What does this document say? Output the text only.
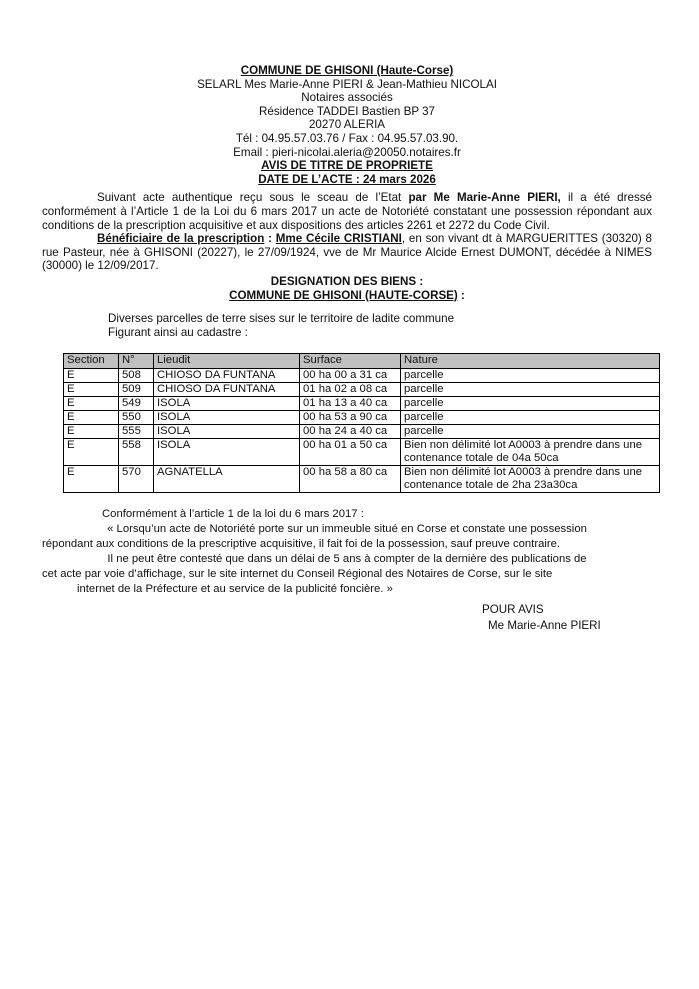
COMMUNE DE GHISONI (Haute-Corse)
SELARL Mes Marie-Anne PIERI & Jean-Mathieu NICOLAI
Notaires associés
Résidence TADDEI Bastien BP 37
20270 ALERIA
Tél : 04.95.57.03.76 / Fax : 04.95.57.03.90.
Email : pieri-nicolai.aleria@20050.notaires.fr
AVIS DE TITRE DE PROPRIETE
DATE DE L’ACTE : 24 mars 2026

Suivant acte authentique reçu sous le sceau de l’Etat par Me Marie-Anne PIERI, il a été dressé conformément à l’Article 1 de la Loi du 6 mars 2017 un acte de Notoriété constatant une possession répondant aux conditions de la prescription acquisitive et aux dispositions des articles 2261 et 2272 du Code Civil.

Bénéficiaire de la prescription : Mme Cécile CRISTIANI, en son vivant dt à MARGUERITTES (30320) 8 rue Pasteur, née à GHISONI (20227), le 27/09/1924, vve de Mr Maurice Alcide Ernest DUMONT, décédée à NIMES (30000) le 12/09/2017.

DESIGNATION DES BIENS :
COMMUNE DE GHISONI (HAUTE-CORSE) :
Diverses parcelles de terre sises sur le territoire de ladite commune
Figurant ainsi au cadastre :
Section	N°	Lieudit	Surface	Nature
E	508	CHIOSO DA FUNTANA	00 ha 00 a 31 ca	parcelle
E	509	CHIOSO DA FUNTANA	01 ha 02 a 08 ca	parcelle
E	549	ISOLA	01 ha 13 a 40 ca	parcelle
E	550	ISOLA	00 ha 53 a 90 ca	parcelle
E	555	ISOLA	00 ha 24 a 40 ca	parcelle
E	558	ISOLA	00 ha 01 a 50 ca	Bien non délimité lot A0003 à prendre dans une contenance totale de 04a 50ca
E	570	AGNATELLA	00 ha 58 a 80 ca	Bien non délimité lot A0003 à prendre dans une contenance totale de 2ha 23a30ca
Conformément à l’article 1 de la loi du 6 mars 2017 :
« Lorsqu’un acte de Notoriété porte sur un immeuble situé en Corse et constate une possession
répondant aux conditions de la prescriptive acquisitive, il fait foi de la possession, sauf preuve contraire.
Il ne peut être contesté que dans un délai de 5 ans à compter de la dernière des publications de
cet acte par voie d’affichage, sur le site internet du Conseil Régional des Notaires de Corse, sur le site
internet de la Préfecture et au service de la publicité foncière. »
POUR AVIS
Me Marie-Anne PIERI
